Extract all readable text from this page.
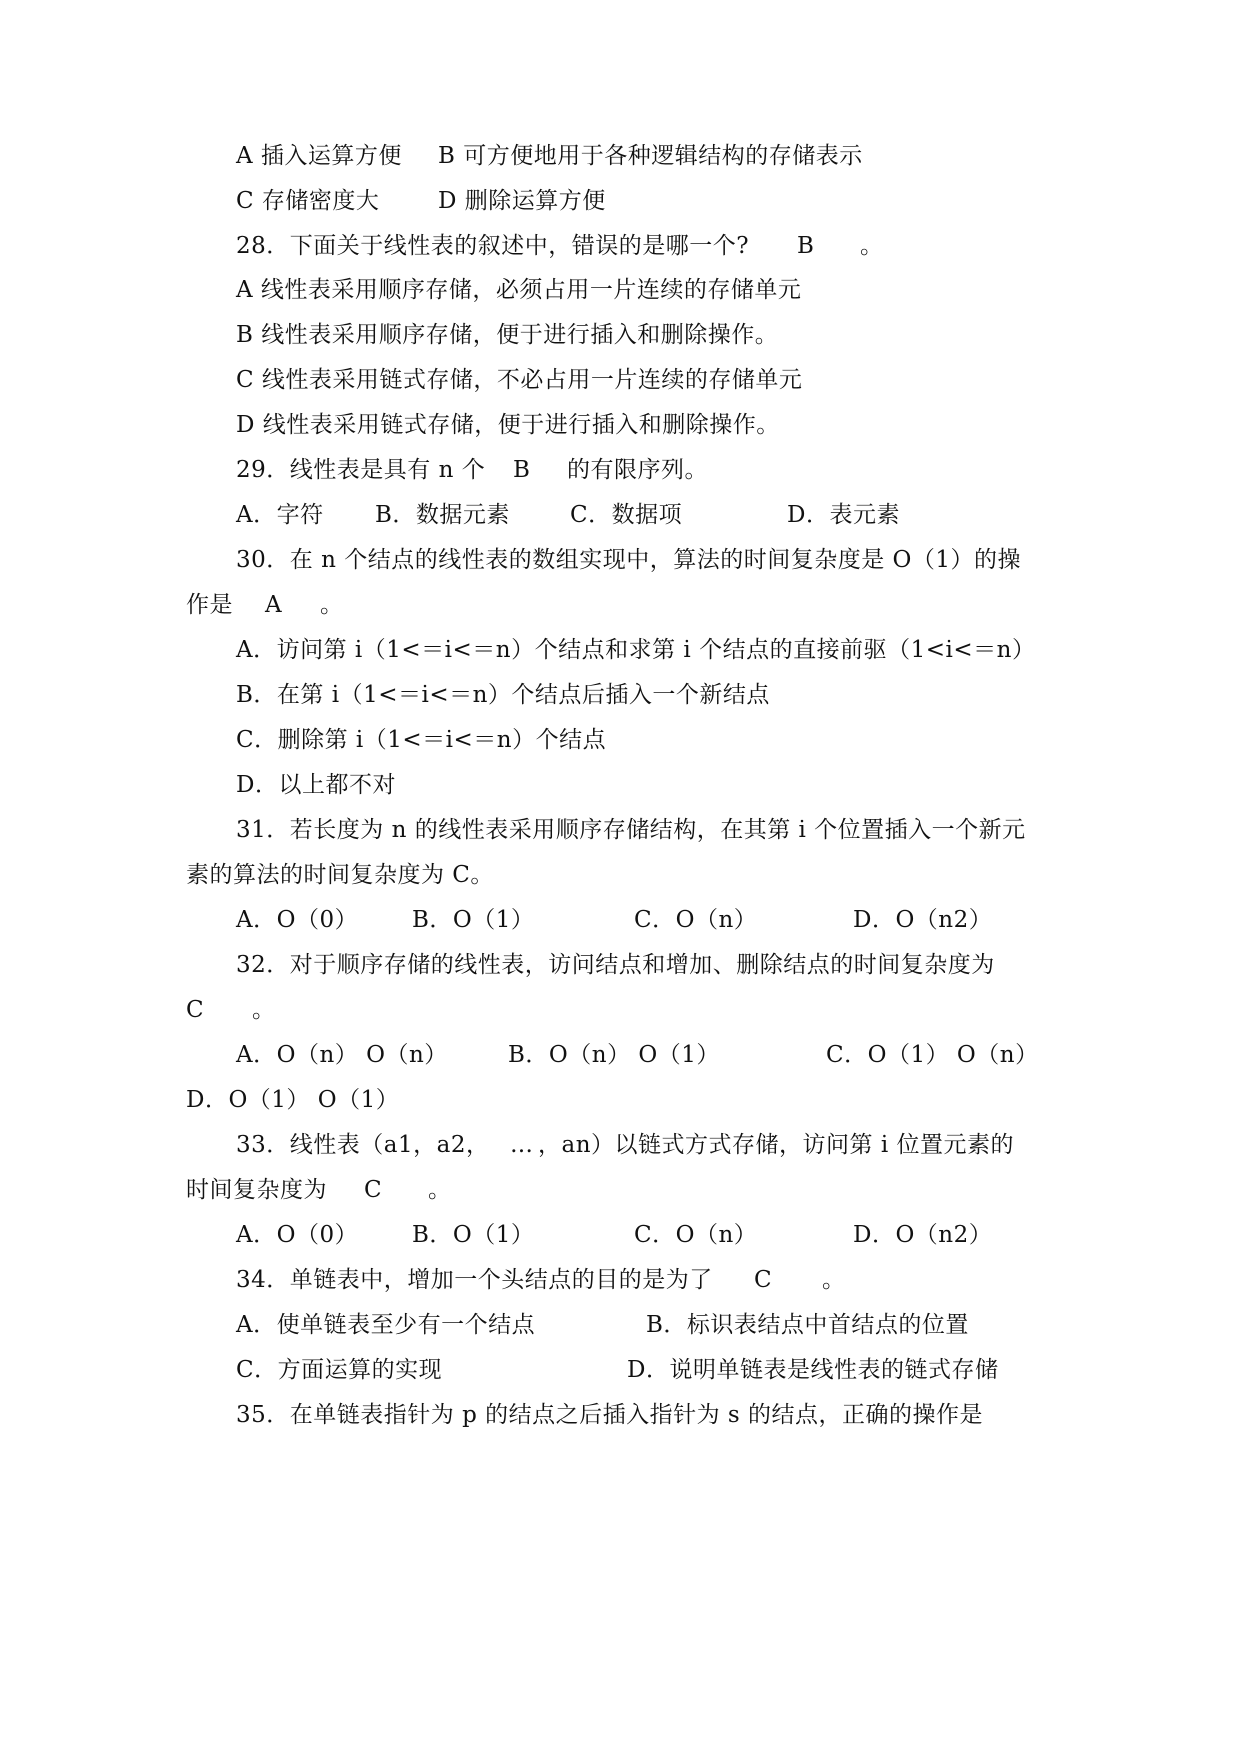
A 插入运算方便 B 可方便地用于各种逻辑结构的存储表示
C 存储密度大	D 删除运算方便
28．下面关于线性表的叙述中，错误的是哪一个? B 。
A 线性表采用顺序存储，必须占用一片连续的存储单元
B 线性表采用顺序存储，便于进行插入和删除操作。
C 线性表采用链式存储，不必占用一片连续的存储单元
D 线性表采用链式存储，便于进行插入和删除操作。
29．线性表是具有 n 个 B 的有限序列。
A．字符 B．数据元素	C．数据项	D．表元素
30．在 n 个结点的线性表的数组实现中，算法的时间复杂度是 O（1）的操
作是 A 。
A．访问第 i（1<＝i<＝n）个结点和求第 i 个结点的直接前驱（1<i<＝n）
B．在第 i（1<＝i<＝n）个结点后插入一个新结点
C．删除第 i（1<＝i<＝n）个结点
D．以上都不对
31．若长度为 n 的线性表采用顺序存储结构，在其第 i 个位置插入一个新元
素的算法的时间复杂度为 C。
A．O（0） B．O（1）	C．O（n）	D．O（n2）
32．对于顺序存储的线性表，访问结点和增加、删除结点的时间复杂度为
C 。
A．O（n） O（n）	B．O（n） O（1）	C．O（1） O（n）
D．O（1） O（1）
33．线性表（a1，a2， … ，an）以链式方式存储，访问第 i 位置元素的
时间复杂度为 C 。
A．O（0） B．O（1）	C．O（n）	D．O（n2）
34．单链表中，增加一个头结点的目的是为了 C 。
A．使单链表至少有一个结点	B．标识表结点中首结点的位置
C．方面运算的实现	D．说明单链表是线性表的链式存储
35．在单链表指针为 p 的结点之后插入指针为 s 的结点，正确的操作是
